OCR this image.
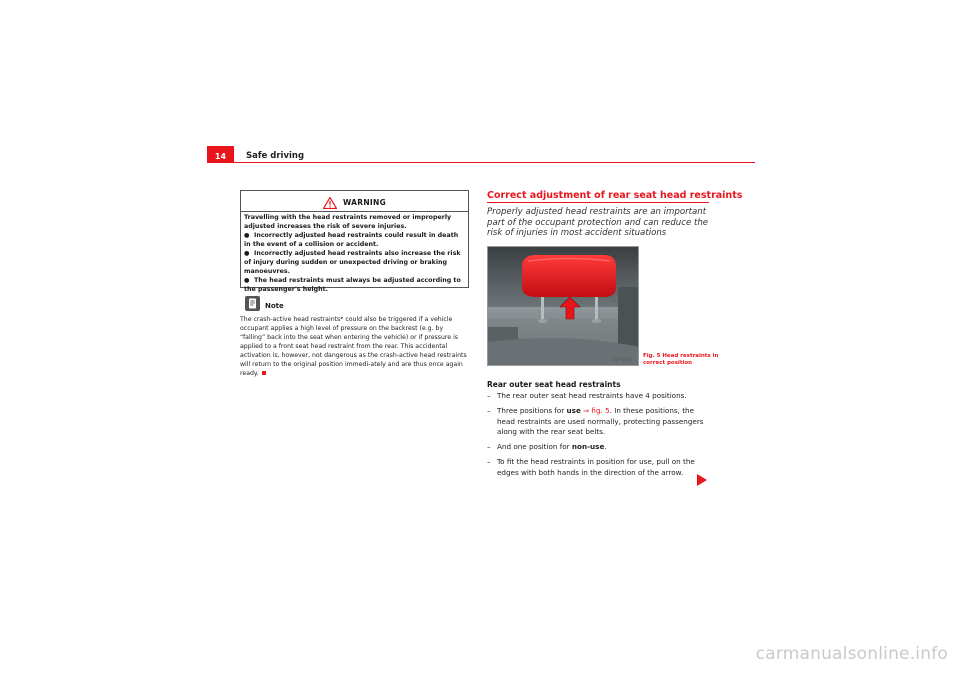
14	Safe driving
WARNING

Travelling with the head restraints removed or improperly adjusted increases the risk of severe injuries.

● Incorrectly adjusted head restraints could result in death in the event of a collision or accident.

● Incorrectly adjusted head restraints also increase the risk of injury during sudden or unexpected driving or braking manoeuvres.

● The head restraints must always be adjusted according to the passenger's height.

Note
The crash-active head restraints* could also be triggered if a vehicle occupant applies a high level of pressure on the backrest (e.g. by “falling” back into the seat when entering the vehicle) or if pressure is applied to a front seat head restraint from the rear. This accidental activation is, however, not dangerous as the crash-active head restraints will return to the original position immedi-ately and are thus once again ready.
Correct adjustment of rear seat head restraints
Properly adjusted head restraints are an important part of the occupant protection and can reduce the risk of injuries in most accident situations
B5P-0623
Fig. 5 Head restraints in correct position
Rear outer seat head restraints
– The rear outer seat head restraints have 4 positions.
– Three positions for use ⇒ fig. 5. In these positions, the head restraints are used normally, protecting passengers along with the rear seat belts.
– And one position for non-use.
– To fit the head restraints in position for use, pull on the edges with both hands in the direction of the arrow.
carmanualsonline.info
